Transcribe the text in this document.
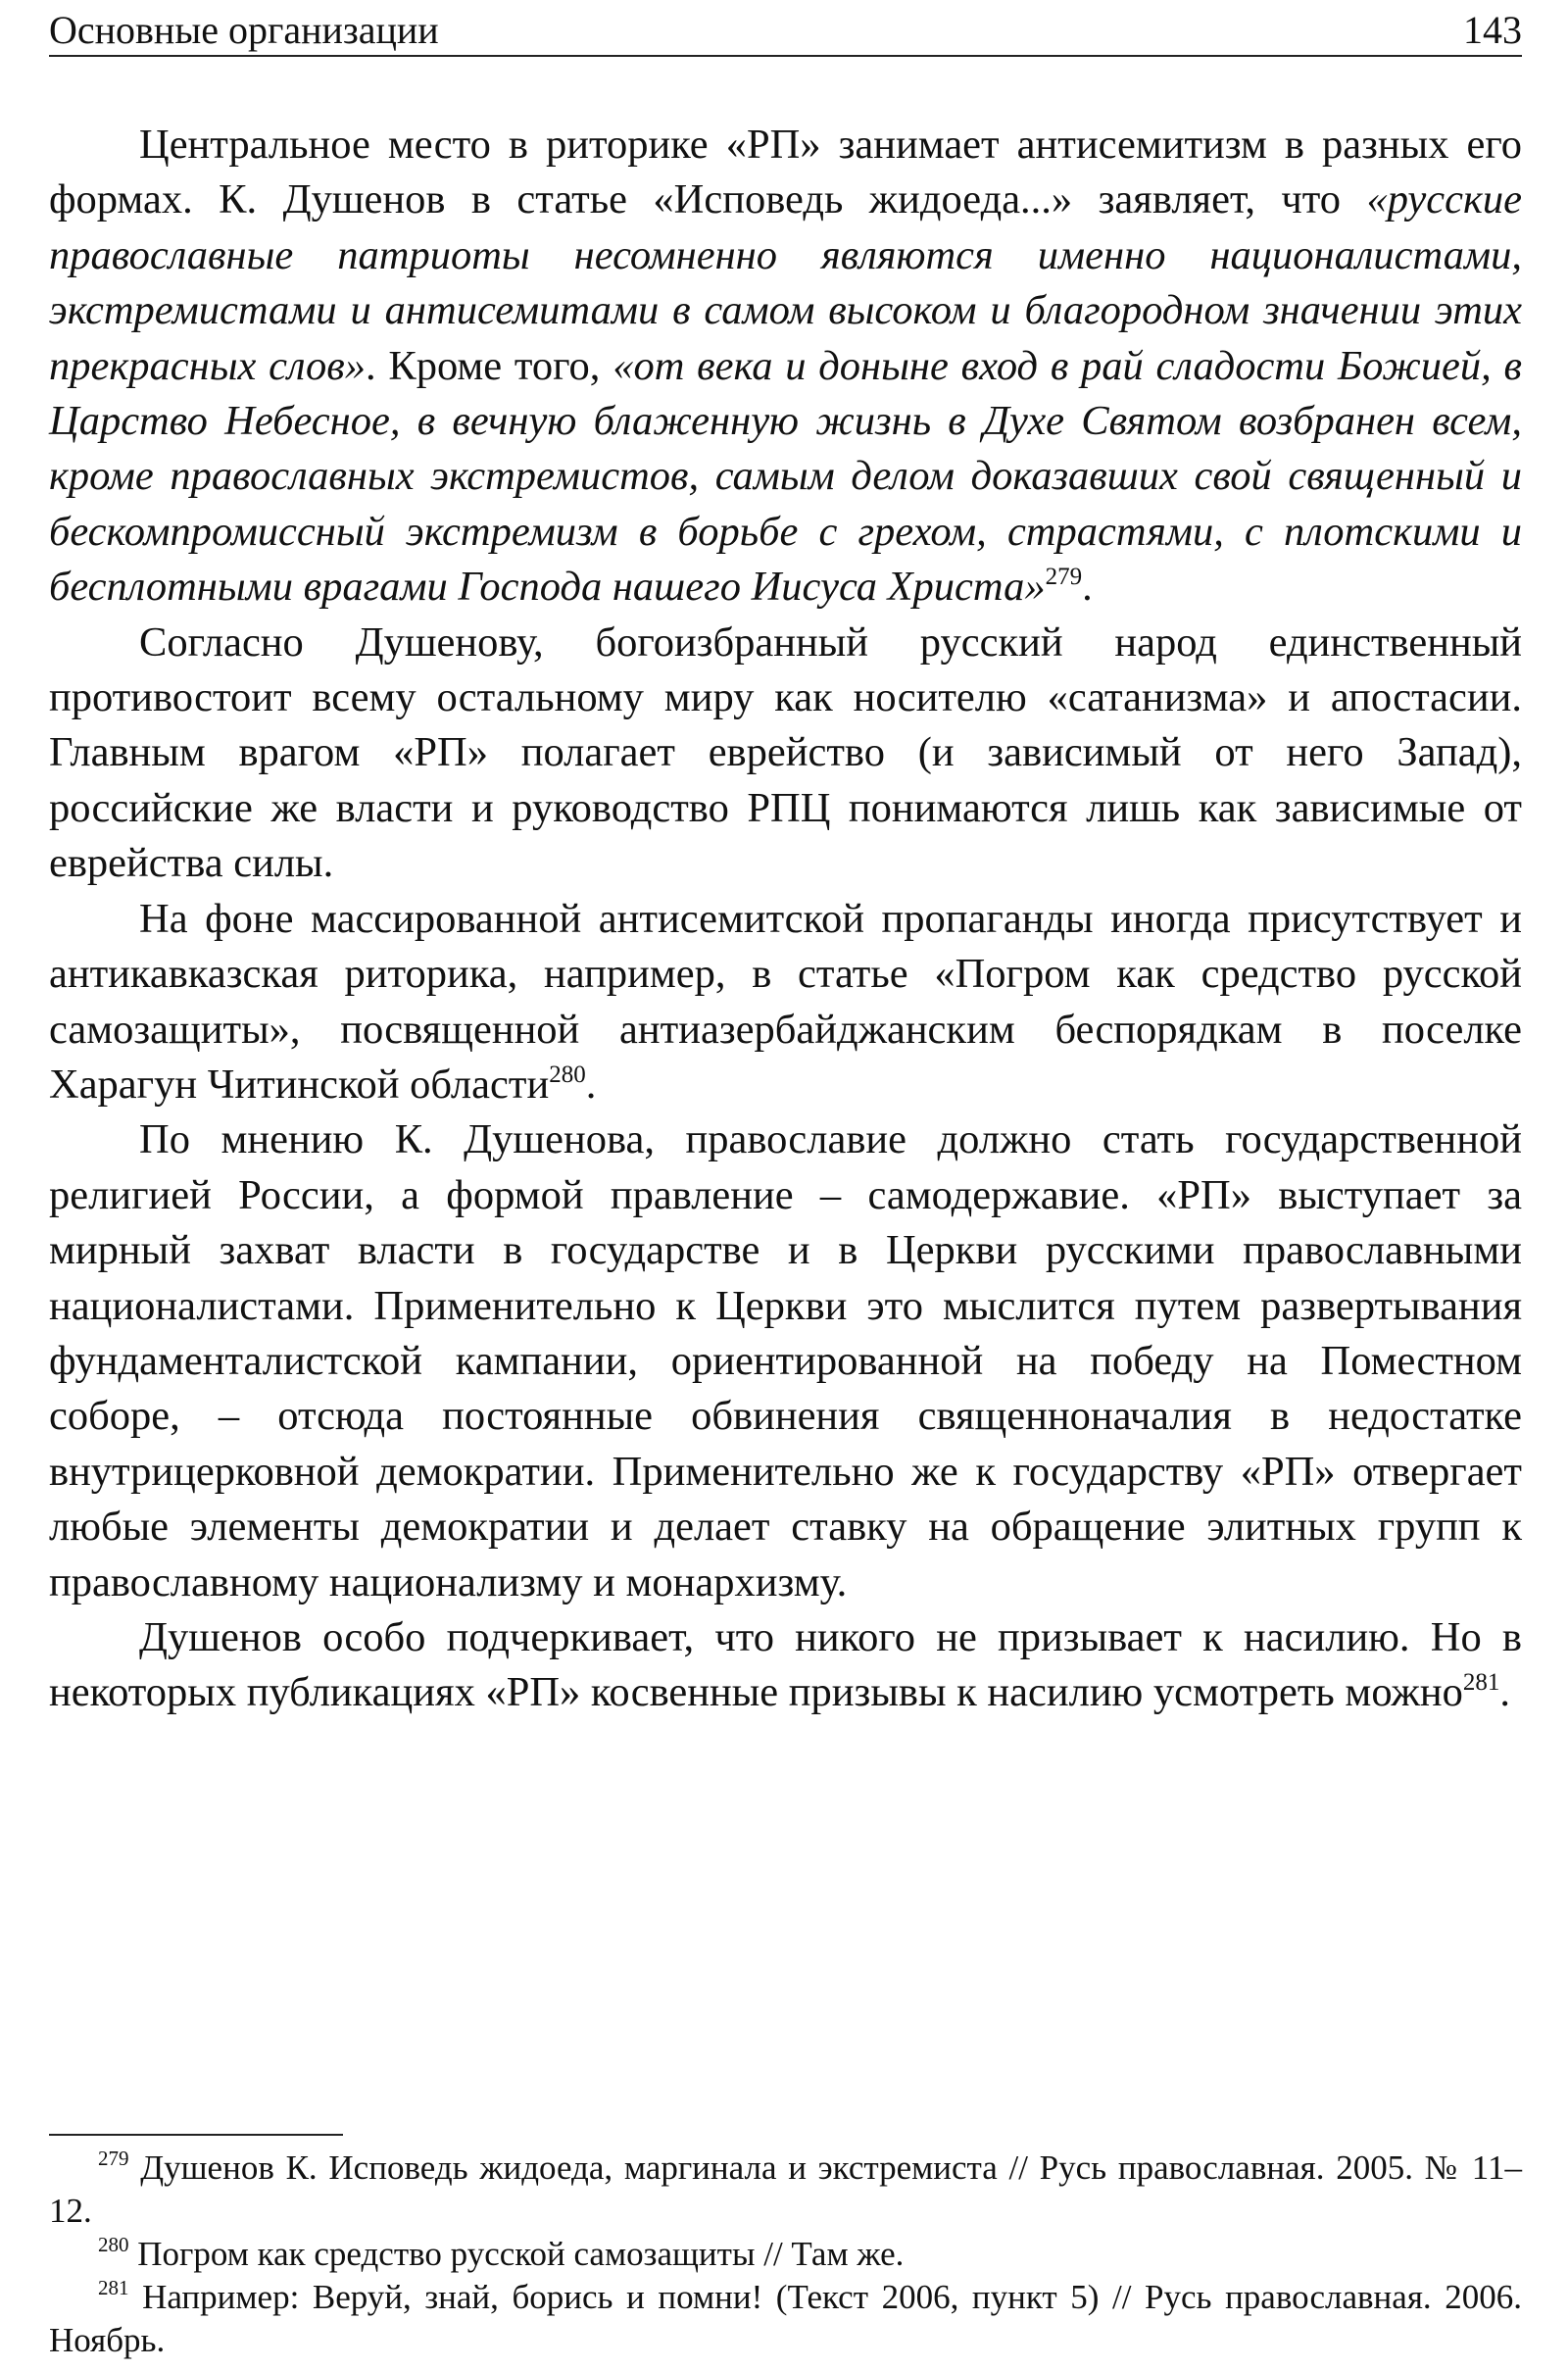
Основные организации	143

Центральное место в риторике «РП» занимает антисемитизм в разных его формах. К. Душенов в статье «Исповедь жидоеда...» заявляет, что «русские православные патриоты несомненно являются именно националистами, экстремистами и антисемитами в самом высоком и благородном значении этих прекрасных слов». Кроме того, «от века и доныне вход в рай сладости Божией, в Царство Небесное, в вечную блаженную жизнь в Духе Святом возбранен всем, кроме православных экстремистов, самым делом доказавших свой священный и бескомпромиссный экстремизм в борьбе с грехом, страстями, с плотскими и бесплотными врагами Господа нашего Иисуса Христа»$^{279}$.

Согласно Душенову, богоизбранный русский народ единственный противостоит всему остальному миру как носителю «сатанизма» и апостасии. Главным врагом «РП» полагает еврейство (и зависимый от него Запад), российские же власти и руководство РПЦ понимаются лишь как зависимые от еврейства силы.

На фоне массированной антисемитской пропаганды иногда присутствует и антикавказская риторика, например, в статье «Погром как средство русской самозащиты», посвященной антиазербайджанским беспорядкам в поселке Харагун Читинской области$^{280}$.

По мнению К. Душенова, православие должно стать государственной религией России, а формой правление – самодержавие. «РП» выступает за мирный захват власти в государстве и в Церкви русскими православными националистами. Применительно к Церкви это мыслится путем развертывания фундаменталистской кампании, ориентированной на победу на Поместном соборе, – отсюда постоянные обвинения священноначалия в недостатке внутрицерковной демократии. Применительно же к государству «РП» отвергает любые элементы демократии и делает ставку на обращение элитных групп к православному национализму и монархизму.

Душенов особо подчеркивает, что никого не призывает к насилию. Но в некоторых публикациях «РП» косвенные призывы к насилию усмотреть можно$^{281}$.

$^{279}$ Душенов К. Исповедь жидоеда, маргинала и экстремиста // Русь православная. 2005. № 11–12.

$^{280}$ Погром как средство русской самозащиты // Там же.

$^{281}$ Например: Веруй, знай, борись и помни! (Текст 2006, пункт 5) // Русь православная. 2006. Ноябрь.
